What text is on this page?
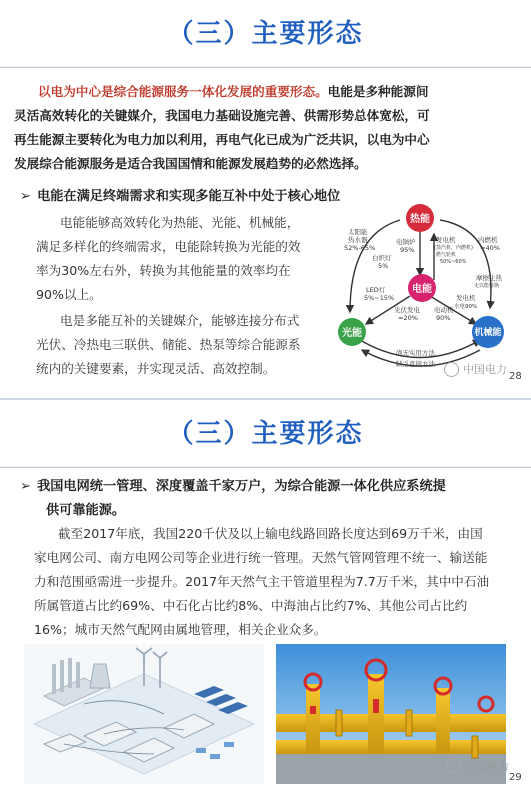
（三）主要形态
以电为中心是综合能源服务一体化发展的重要形态。电能是多种能源间
灵活高效转化的关键媒介，我国电力基础设施完善、供需形势总体宽松，可
再生能源主要转化为电力加以利用，再电气化已成为广泛共识，以电为中心
发展综合能源服务是适合我国国情和能源发展趋势的必然选择。
➢ 电能在满足终端需求和实现多能互补中处于核心地位
电能能够高效转化为热能、光能、机械能，
满足多样化的终端需求，电能除转换为光能的效
率为30%左右外，转换为其他能量的效率均在
90%以上。
电是多能互补的关键媒介，能够连接分布式
光伏、冷热电三联供、储能、热泵等综合能源系
统内的关键要素，并实现灵活、高效控制。
热能
电能
光能	机械能
太阳能
热水器
52%-65%
白炽灯
5%
电锅炉
95%
发电机
(蒸汽机，内燃机)
燃气轮机
50%~60%
内燃机
≈40%
摩擦生热
无以能转换
LED灯
5%~15%
光伏发电
≈20%
电动机
90%
发电机
水电90%
尚无实用方法
缺乏直接方法	中国电力
28
（三）主要形态
➢ 我国电网统一管理、深度覆盖千家万户，为综合能源一体化供应系统提
供可靠能源。
截至2017年底，我国220千伏及以上输电线路回路长度达到69万千米，由国
家电网公司、南方电网公司等企业进行统一管理。天然气管网管理不统一、输送能
力和范围亟需进一步提升。2017年天然气主干管道里程为7.7万千米，其中中石油
所属管道占比约69%、中石化占比约8%、中海油占比约7%、其他公司占比约
16%；城市天然气配网由属地管理，相关企业众多。
中国电力
29
